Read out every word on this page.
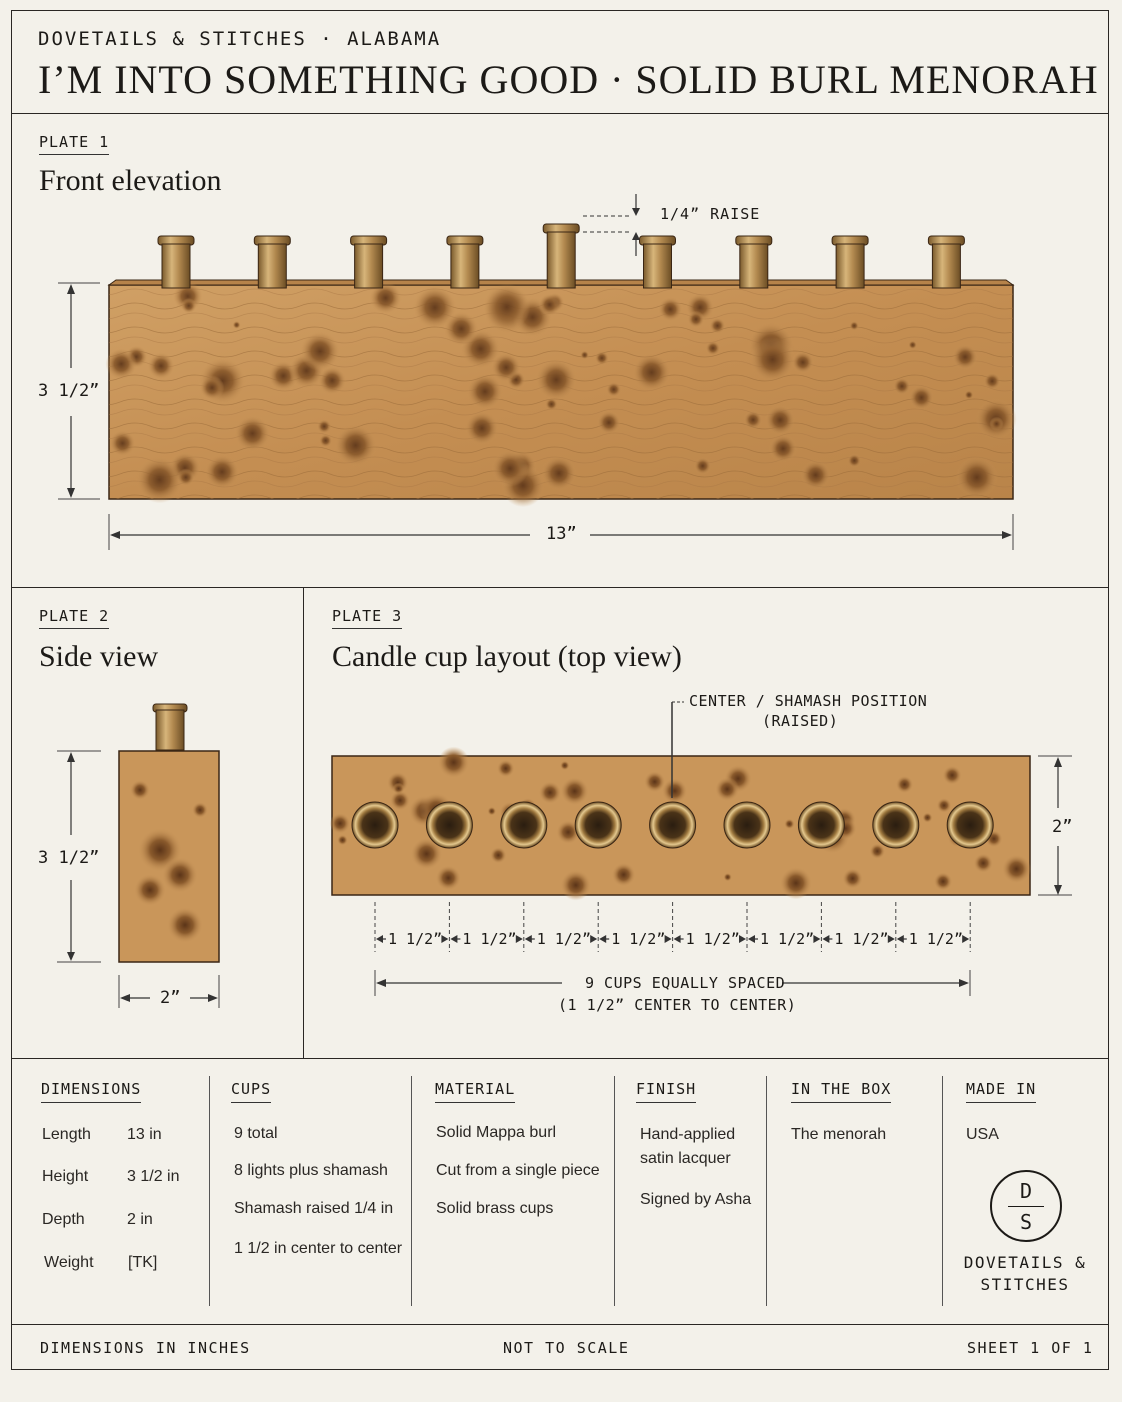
DOVETAILS & STITCHES · ALABAMA
I’M INTO SOMETHING GOOD · SOLID BURL MENORAH
PLATE 1
Front elevation
1/4” RAISE
3 1/2”
13”
PLATE 2
Side view
3 1/2”
2”
PLATE 3
Candle cup layout (top view)
CENTER / SHAMASH POSITION
(RAISED)
2”
1 1/2” 1 1/2” 1 1/2” 1 1/2” 1 1/2” 1 1/2” 1 1/2” 1 1/2”
9 CUPS EQUALLY SPACED
(1 1/2” CENTER TO CENTER)
DIMENSIONS
Length 13 in
Height 3 1/2 in
Depth	2 in
Weight [TK]
CUPS
9 total
8 lights plus shamash
Shamash raised 1/4 in
1 1/2 in center to center
MATERIAL
Solid Mappa burl
Cut from a single piece
Solid brass cups
FINISH
Hand-applied
satin lacquer
Signed by Asha
IN THE BOX
The menorah
MADE IN
USA
D
S
DOVETAILS &
STITCHES
DIMENSIONS IN INCHES	NOT TO SCALE	SHEET 1 OF 1
